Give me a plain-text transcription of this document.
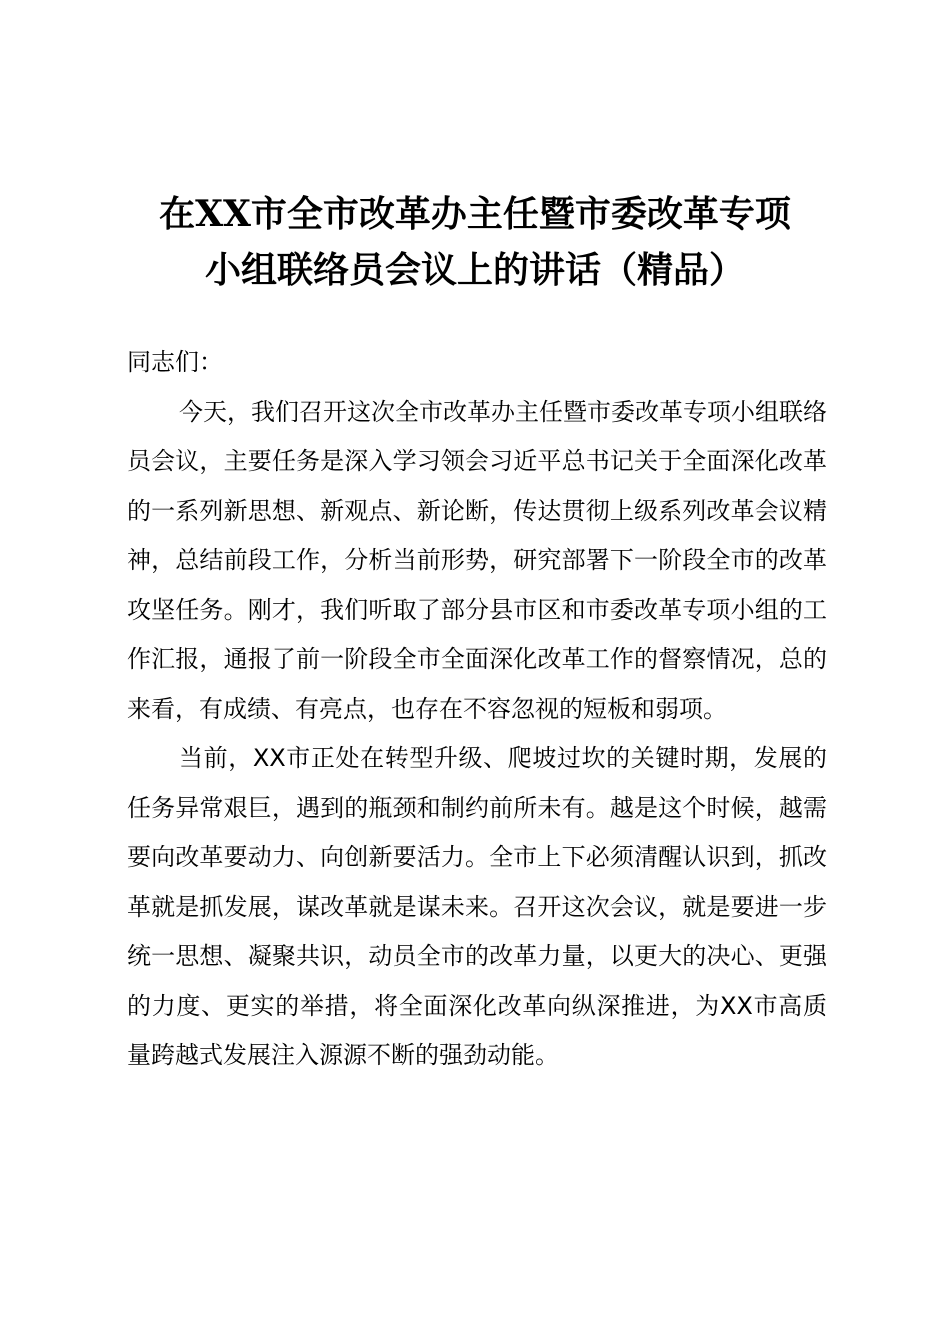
在XX市全市改革办主任暨市委改革专项
小组联络员会议上的讲话（精品）

同志们：

今天，我们召开这次全市改革办主任暨市委改革专项小组联络员会议，主要任务是深入学习领会习近平总书记关于全面深化改革的一系列新思想、新观点、新论断，传达贯彻上级系列改革会议精神，总结前段工作，分析当前形势，研究部署下一阶段全市的改革攻坚任务。刚才，我们听取了部分县市区和市委改革专项小组的工作汇报，通报了前一阶段全市全面深化改革工作的督察情况，总的来看，有成绩、有亮点，也存在不容忽视的短板和弱项。

当前，XX市正处在转型升级、爬坡过坎的关键时期，发展的任务异常艰巨，遇到的瓶颈和制约前所未有。越是这个时候，越需要向改革要动力、向创新要活力。全市上下必须清醒认识到，抓改革就是抓发展，谋改革就是谋未来。召开这次会议，就是要进一步统一思想、凝聚共识，动员全市的改革力量，以更大的决心、更强的力度、更实的举措，将全面深化改革向纵深推进，为XX市高质量跨越式发展注入源源不断的强劲动能。
